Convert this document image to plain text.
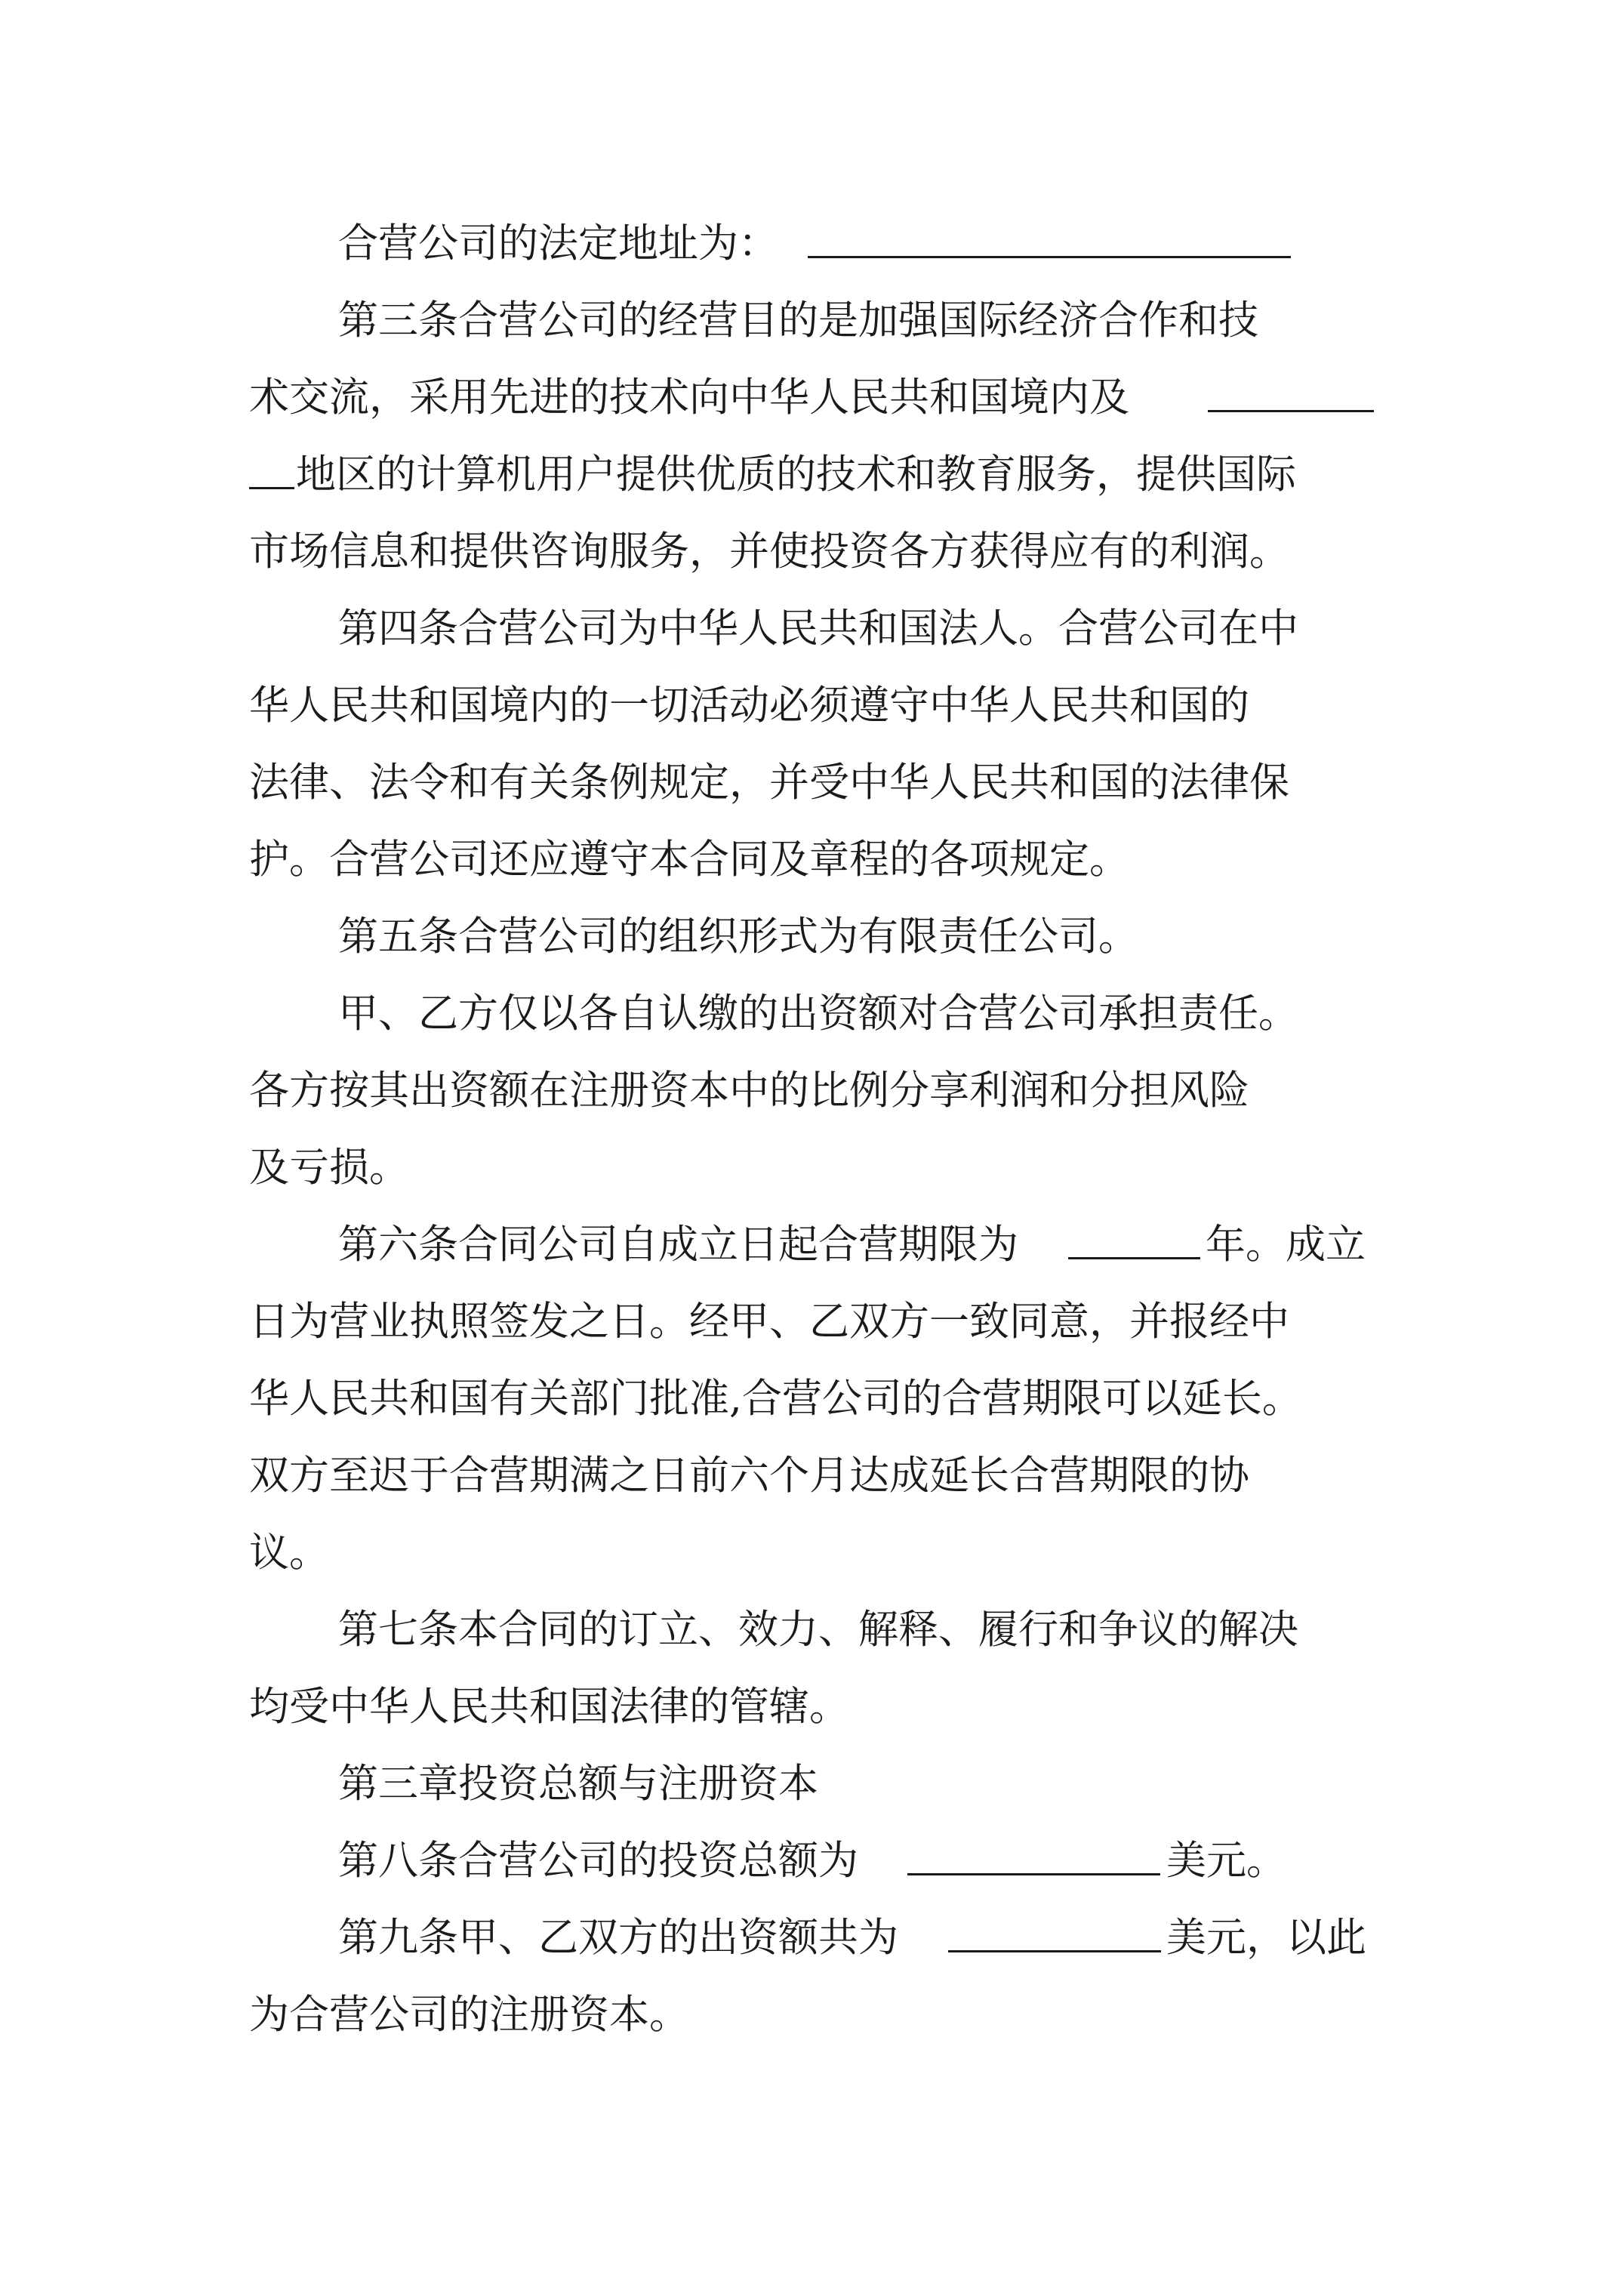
合营公司的法定地址为：
第三条合营公司的经营目的是加强国际经济合作和技
术交流，采用先进的技术向中华人民共和国境内及
地区的计算机用户提供优质的技术和教育服务，提供国际
市场信息和提供咨询服务，并使投资各方获得应有的利润。
第四条合营公司为中华人民共和国法人。合营公司在中
华人民共和国境内的一切活动必须遵守中华人民共和国的
法律、法令和有关条例规定，并受中华人民共和国的法律保
护。合营公司还应遵守本合同及章程的各项规定。
第五条合营公司的组织形式为有限责任公司。
甲、乙方仅以各自认缴的出资额对合营公司承担责任。
各方按其出资额在注册资本中的比例分享利润和分担风险
及亏损。
第六条合同公司自成立日起合营期限为	年。成立
日为营业执照签发之日。经甲、乙双方一致同意，并报经中
华人民共和国有关部门批准,合营公司的合营期限可以延长。
双方至迟于合营期满之日前六个月达成延长合营期限的协
议。
第七条本合同的订立、效力、解释、履行和争议的解决
均受中华人民共和国法律的管辖。
第三章投资总额与注册资本
第八条合营公司的投资总额为	美元。
第九条甲、乙双方的出资额共为	美元，以此
为合营公司的注册资本。
